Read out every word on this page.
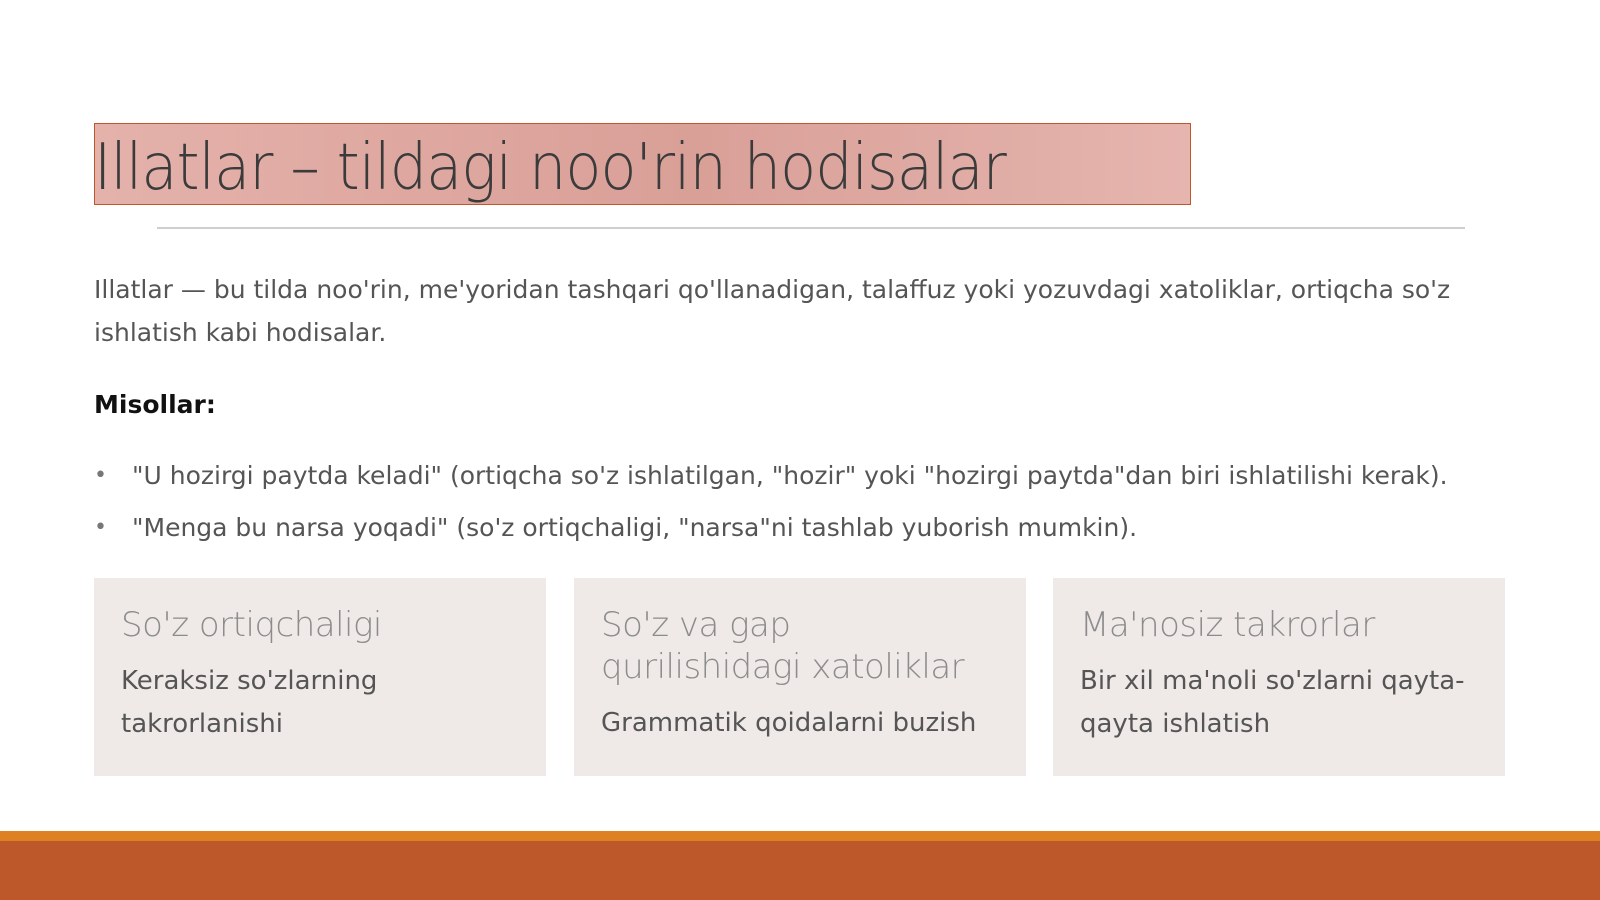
Illatlar – tildagi noo'rin hodisalar

Illatlar — bu tilda noo'rin, me'yoridan tashqari qo'llanadigan, talaffuz yoki yozuvdagi xatoliklar, ortiqcha so'z ishlatish kabi hodisalar.

Misollar:

• "U hozirgi paytda keladi" (ortiqcha so'z ishlatilgan, "hozir" yoki "hozirgi paytda"dan biri ishlatilishi kerak).
• "Menga bu narsa yoqadi" (so'z ortiqchaligi, "narsa"ni tashlab yuborish mumkin).

So'z ortiqchaligi

Keraksiz so'zlarning takrorlanishi

So'z va gap qurilishidagi xatoliklar

Grammatik qoidalarni buzish

Ma'nosiz takrorlar

Bir xil ma'noli so'zlarni qayta-qayta ishlatish
